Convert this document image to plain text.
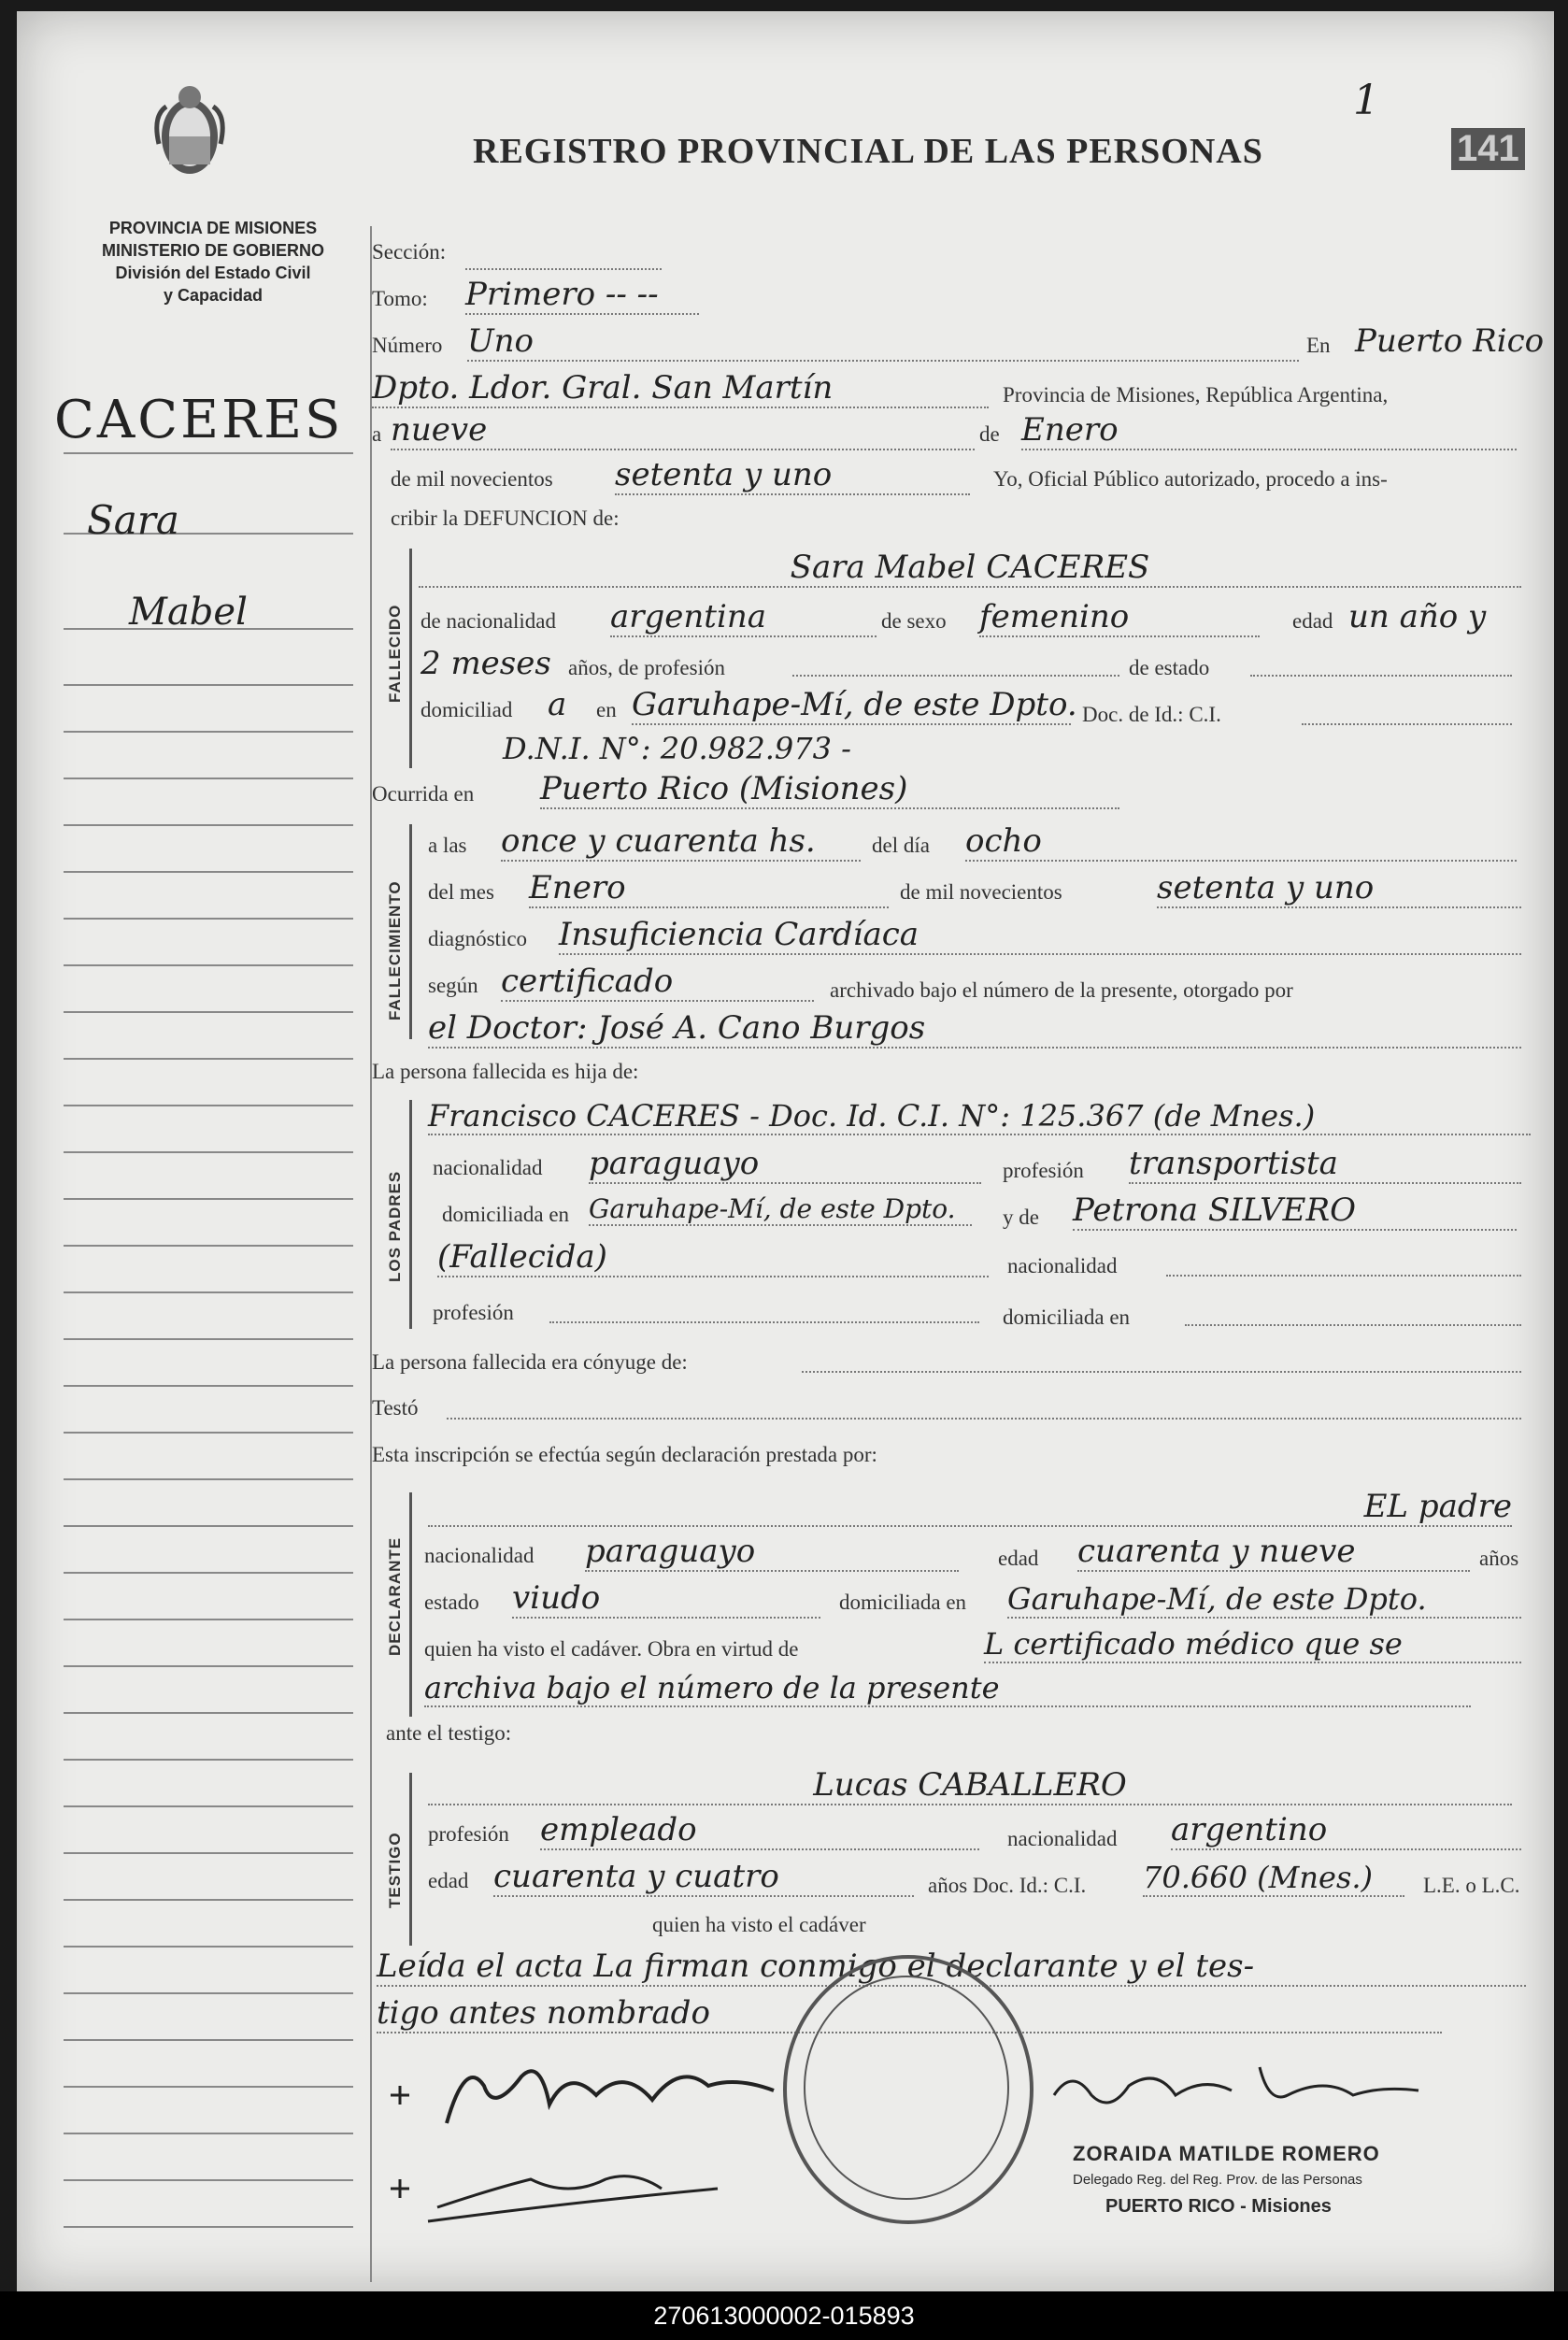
PROVINCIA DE MISIONES
MINISTERIO DE GOBIERNO
División del Estado Civil
y Capacidad
1
141
REGISTRO PROVINCIAL DE LAS PERSONAS
CACERES
Sara
Mabel
Sección:
Tomo: Primero -- --
Número Uno	En Puerto Rico
Dpto. Ldor. Gral. San Martín	Provincia de Misiones, República Argentina,
a nueve	de Enero
de mil novecientos setenta y uno	Yo, Oficial Público autorizado, procedo a ins-
cribir la DEFUNCION de:
FALLECIDO
Sara Mabel CACERES
de nacionalidad argentina	de sexo femenino	edad un año y
2 meses años, de profesión	de estado
domiciliad a en Garuhape-Mí, de este Dpto. Doc. de Id.: C.I.
D.N.I. N°: 20.982.973 -
Ocurrida en Puerto Rico (Misiones)
FALLECIMIENTO
a las once y cuarenta hs.	del día ocho
del mes Enero	de mil novecientos	setenta y uno
diagnóstico Insuficiencia Cardíaca
según certificado	archivado bajo el número de la presente, otorgado por
el Doctor: José A. Cano Burgos
La persona fallecida es hija de:
LOS PADRES
Francisco CACERES - Doc. Id. C.I. N°: 125.367 (de Mnes.)
nacionalidad paraguayo	profesión transportista
domiciliada en Garuhape-Mí, de este Dpto.	y de Petrona SILVERO
(Fallecida)	nacionalidad
profesión	domiciliada en
La persona fallecida era cónyuge de:
Testó
Esta inscripción se efectúa según declaración prestada por:
DECLARANTE
EL padre
nacionalidad paraguayo	edad cuarenta y nueve	años
estado viudo	domiciliada en Garuhape-Mí, de este Dpto.
quien ha visto el cadáver. Obra en virtud de	L certificado médico que se
archiva bajo el número de la presente
ante el testigo:
TESTIGO
Lucas CABALLERO
profesión empleado	nacionalidad argentino
edad cuarenta y cuatro	años Doc. Id.: C.I. 70.660 (Mnes.)	L.E. o L.C.
quien ha visto el cadáver
Leída el acta La firman conmigo el declarante y el tes-
tigo antes nombrado
ZORAIDA MATILDE ROMERO
Delegado Reg. del Reg. Prov. de las Personas
PUERTO RICO - Misiones
270613000002-015893
